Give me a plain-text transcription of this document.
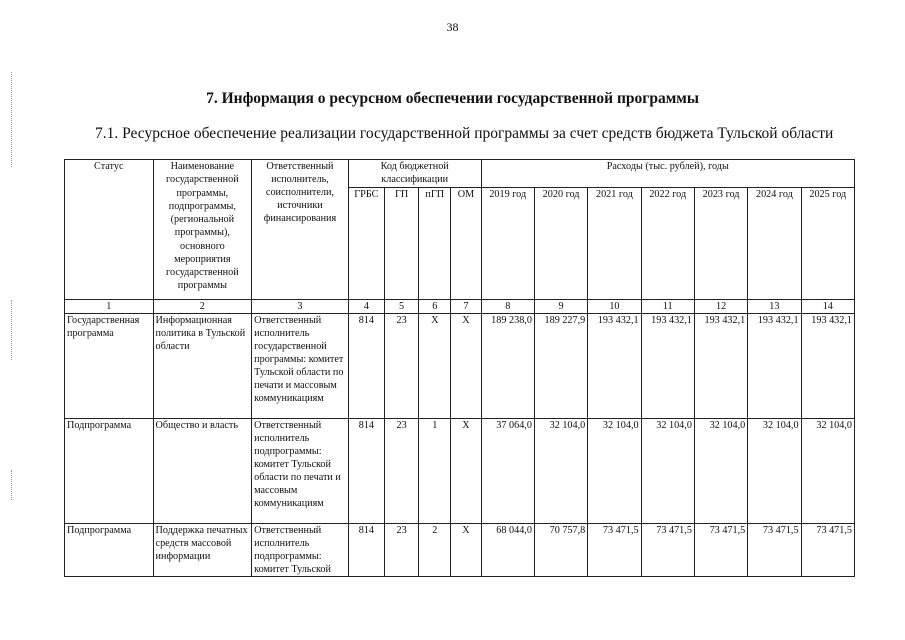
38
7. Информация о ресурсном обеспечении государственной программы
7.1. Ресурсное обеспечение реализации государственной программы за счет средств бюджета Тульской области
Статус	Наименование государственной программы, подпрограммы, (региональной программы), основного мероприятия государственной программы	Ответственный исполнитель, соисполнители, источники финансирования	Код бюджетной классификации				Расходы (тыс. рублей), годы						
			ГРБС	ГП	пГП	ОМ	2019 год	2020 год	2021 год	2022 год	2023 год	2024 год	2025 год
1	2	3	4	5	6	7	8	9	10	11	12	13	14
Государственная программа	Информационная политика в Тульской области	Ответственный исполнитель государственной программы: комитет Тульской области по печати и массовым коммуникациям	814	23	Х	Х	189 238,0	189 227,9	193 432,1	193 432,1	193 432,1	193 432,1	193 432,1
Подпрограмма	Общество и власть	Ответственный исполнитель подпрограммы: комитет Тульской области по печати и массовым коммуникациям	814	23	1	Х	37 064,0	32 104,0	32 104,0	32 104,0	32 104,0	32 104,0	32 104,0
Подпрограмма	Поддержка печатных средств массовой информации	Ответственный исполнитель подпрограммы: комитет Тульской	814	23	2	Х	68 044,0	70 757,8	73 471,5	73 471,5	73 471,5	73 471,5	73 471,5
